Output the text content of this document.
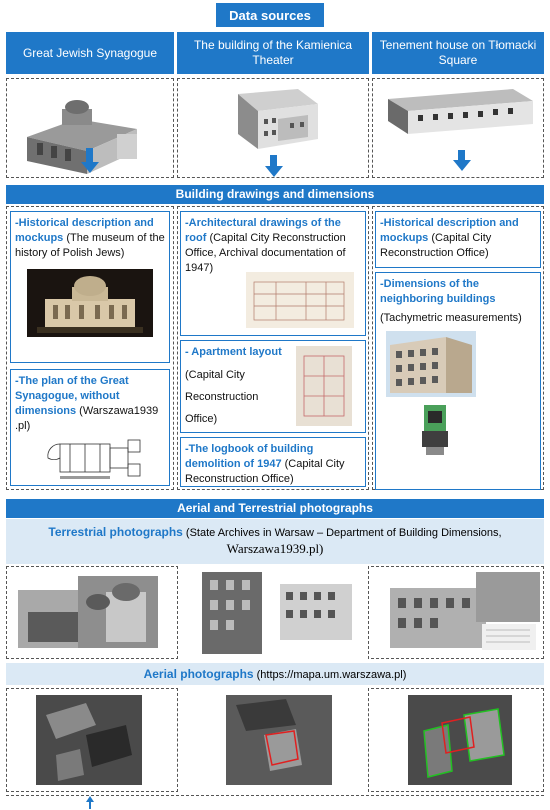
Data sources
Great Jewish Synagogue
The building of the Kamienica Theater
Tenement house on Tłomacki Square
Building drawings and dimensions
-Historical description and mockups (The museum of the history of Polish Jews)
-The plan of the Great Synagogue, without dimensions (Warszawa1939 .pl)
-Architectural drawings of the roof (Capital City Reconstruction Office, Archival documentation of 1947)
- Apartment layout

(Capital City Reconstruction Office)
-The logbook of building demolition of 1947 (Capital City Reconstruction Office)
-Historical description and mockups (Capital City Reconstruction Office)
-Dimensions of the neighboring buildings
(Tachymetric measurements)
Aerial and Terrestrial photographs
Terrestrial photographs (State Archives in Warsaw – Department of Building Dimensions,
Warszawa1939.pl)
Aerial photographs (https://mapa.um.warszawa.pl)
